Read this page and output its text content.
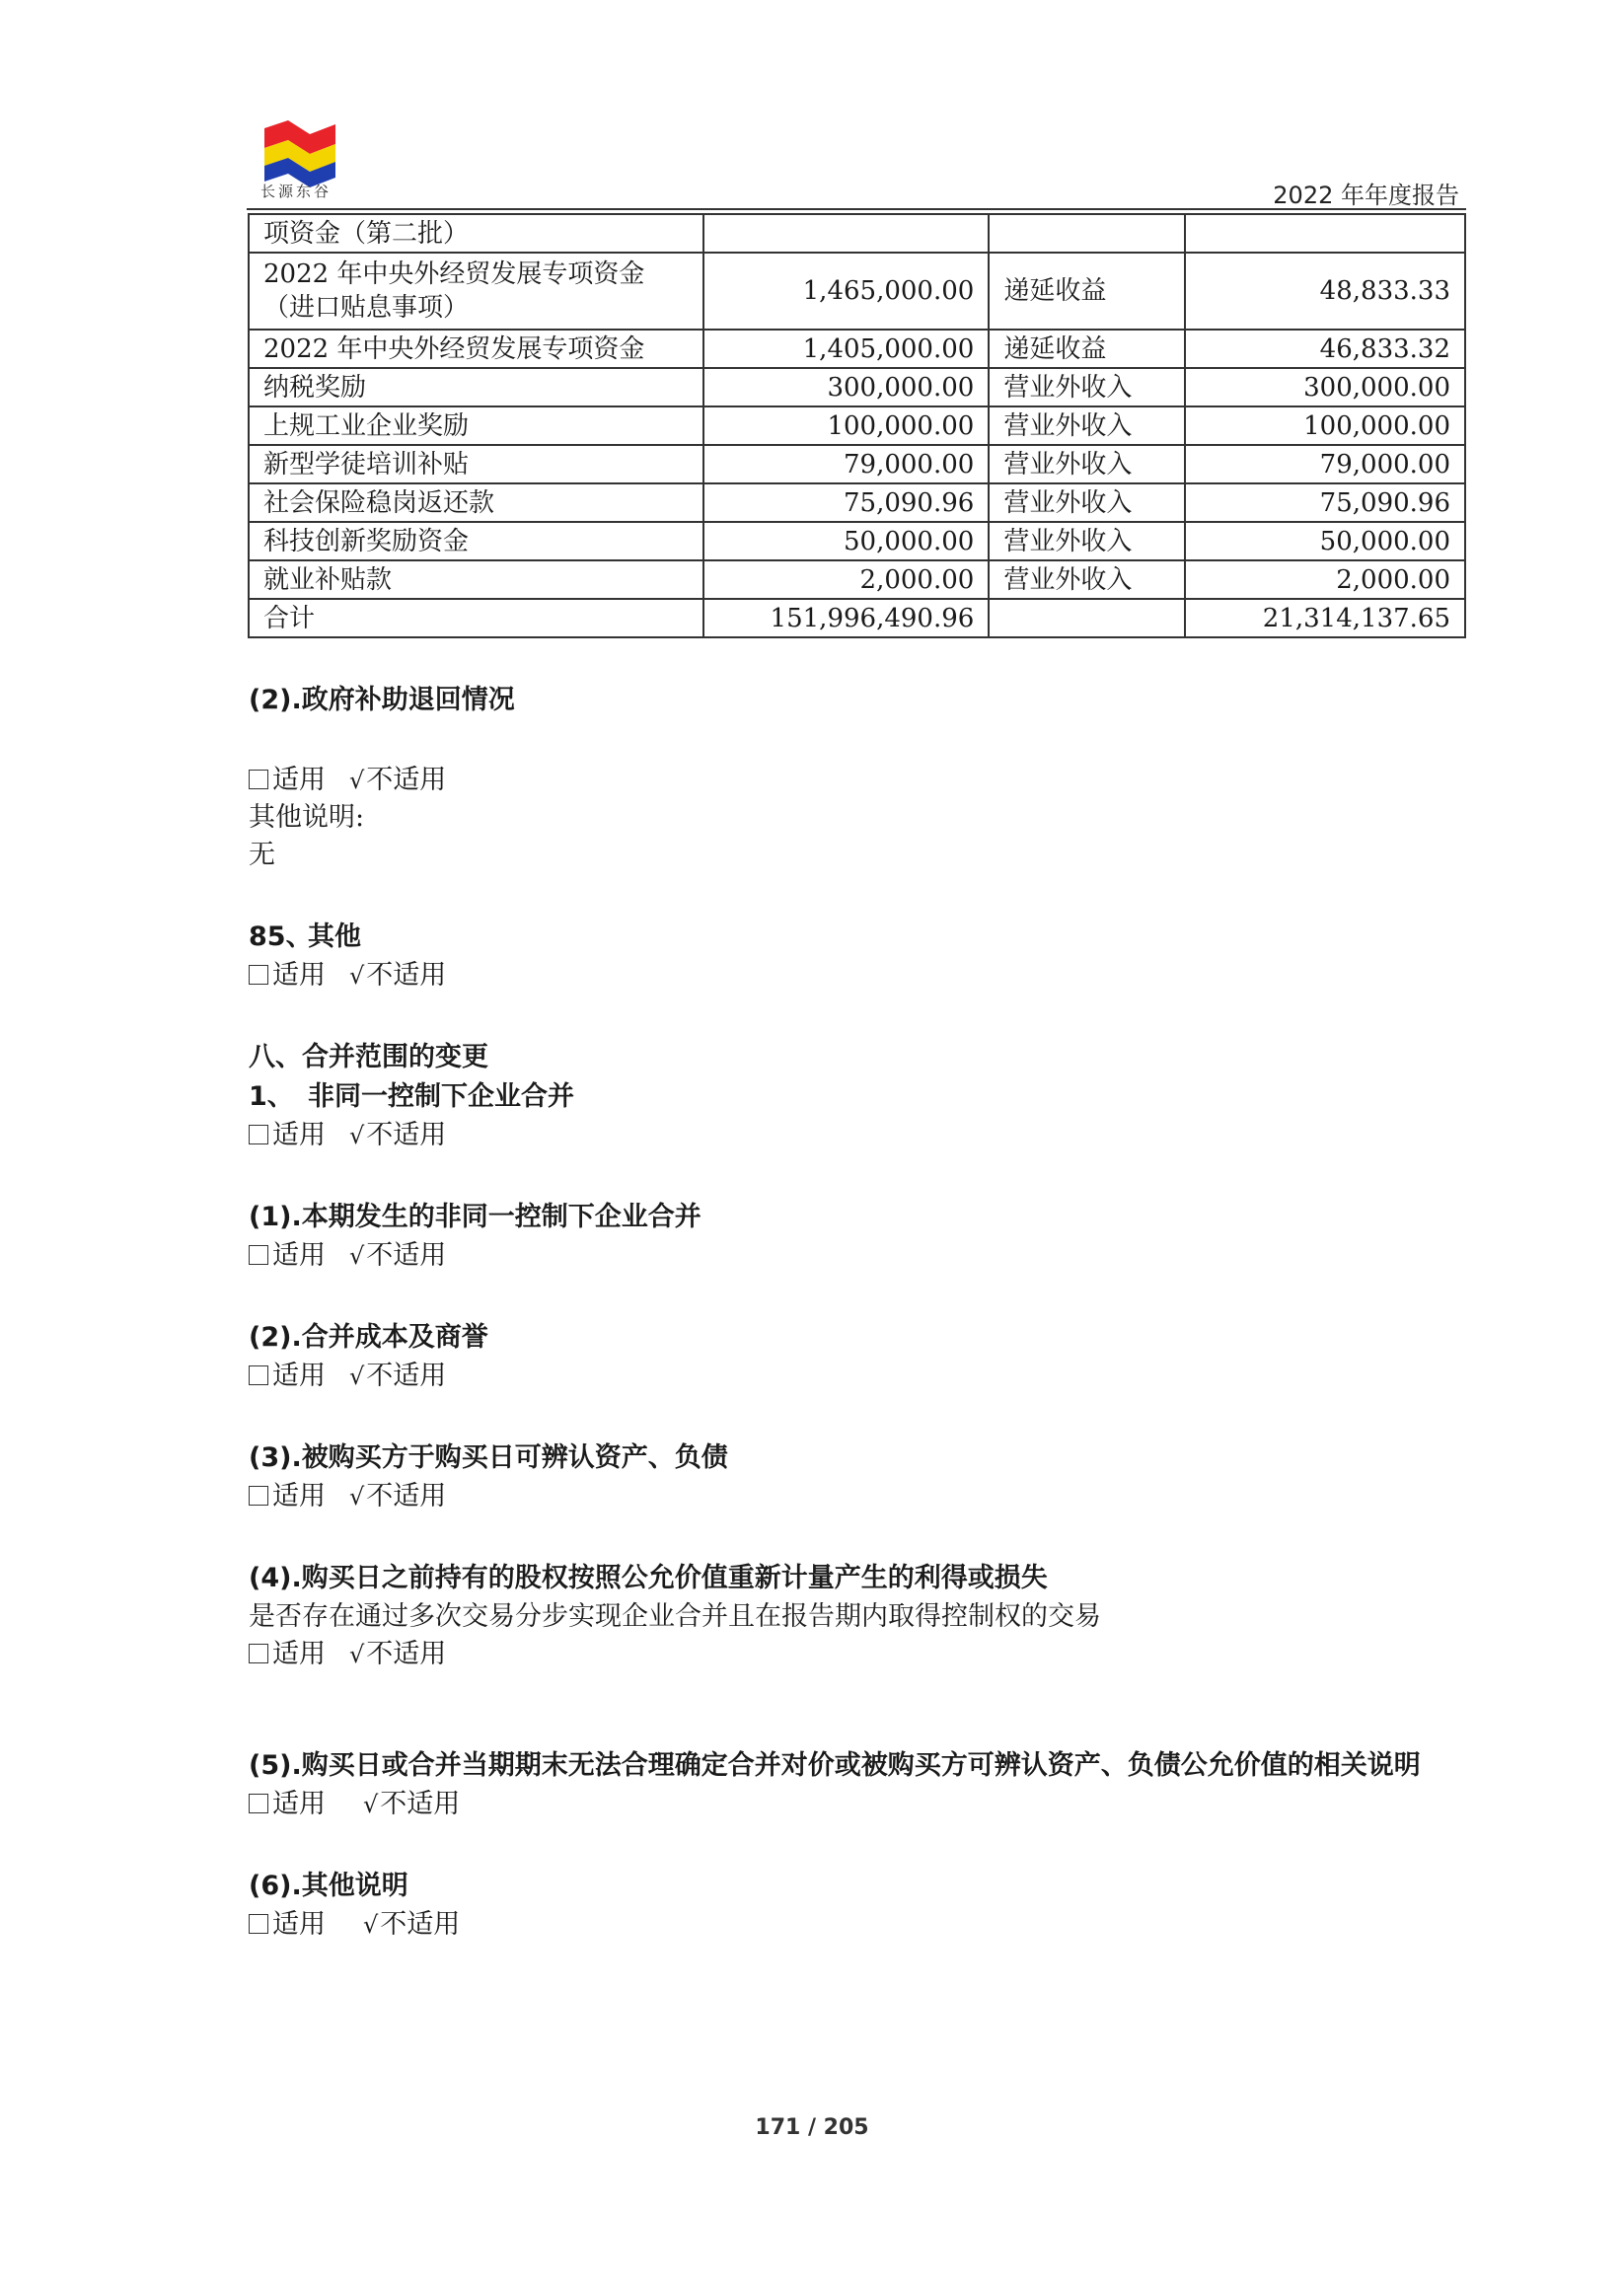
长源东谷	2022 年年度报告
项资金（第二批）			
2022 年中央外经贸发展专项资金（进口贴息事项）	1,465,000.00	递延收益	48,833.33
2022 年中央外经贸发展专项资金	1,405,000.00	递延收益	46,833.32
纳税奖励	300,000.00	营业外收入	300,000.00
上规工业企业奖励	100,000.00	营业外收入	100,000.00
新型学徒培训补贴	79,000.00	营业外收入	79,000.00
社会保险稳岗返还款	75,090.96	营业外收入	75,090.96
科技创新奖励资金	50,000.00	营业外收入	50,000.00
就业补贴款	2,000.00	营业外收入	2,000.00
合计	151,996,490.96		21,314,137.65
(2).政府补助退回情况
适用 √不适用
其他说明:
无
85、其他
适用 √不适用
八、合并范围的变更
1、 非同一控制下企业合并
适用 √不适用
(1).本期发生的非同一控制下企业合并
适用 √不适用
(2).合并成本及商誉
适用 √不适用
(3).被购买方于购买日可辨认资产、负债
适用 √不适用
(4).购买日之前持有的股权按照公允价值重新计量产生的利得或损失
是否存在通过多次交易分步实现企业合并且在报告期内取得控制权的交易
适用 √不适用
(5).购买日或合并当期期末无法合理确定合并对价或被购买方可辨认资产、负债公允价值的相关说明
适用 √不适用
(6).其他说明
适用 √不适用
171 / 205
